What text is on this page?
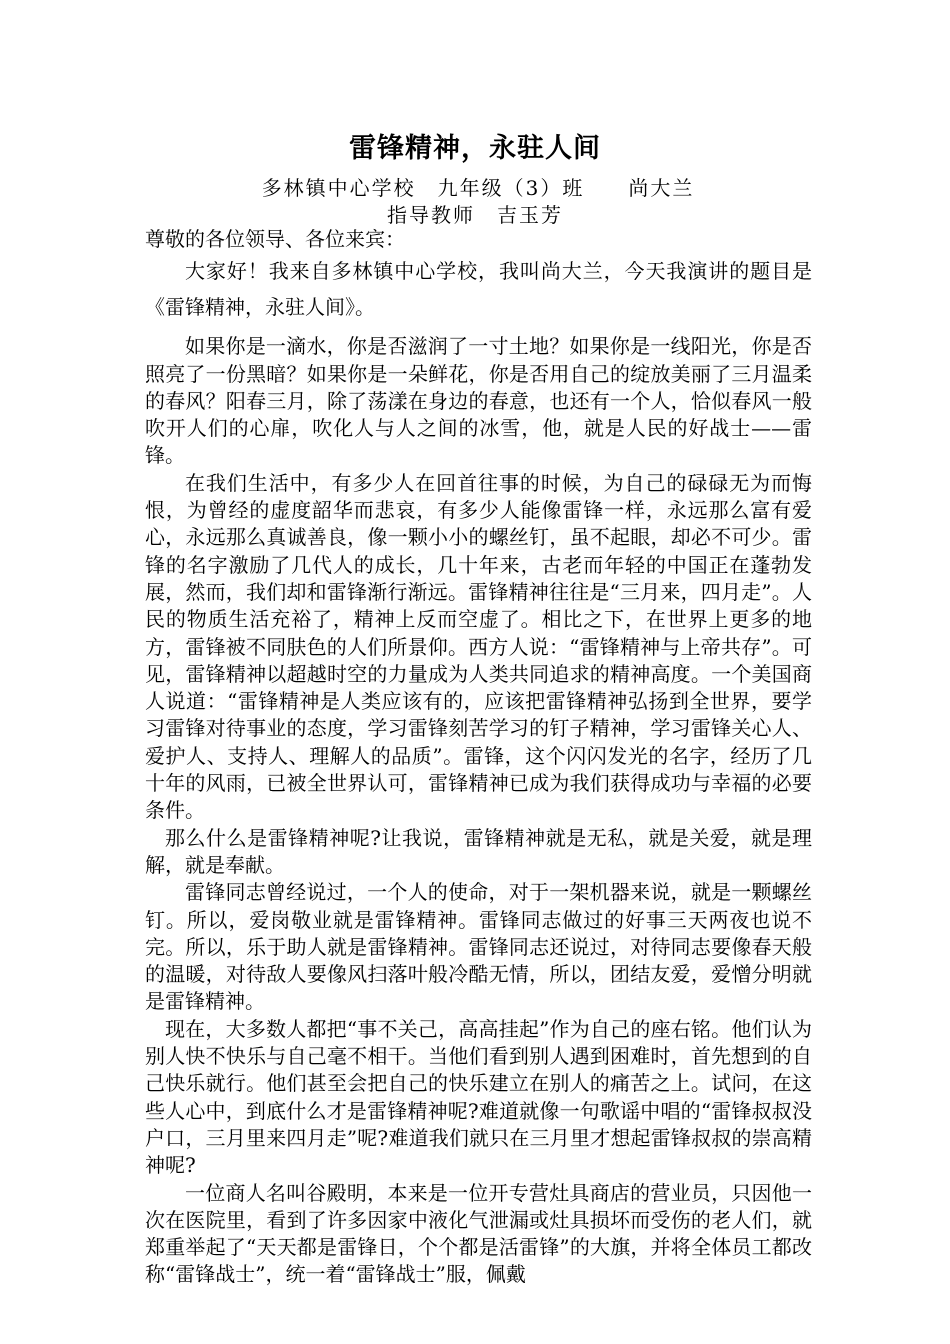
雷锋精神，永驻人间
多林镇中心学校　九年级（3）班　　尚大兰
指导教师　吉玉芳

尊敬的各位领导、各位来宾：

大家好！我来自多林镇中心学校，我叫尚大兰，今天我演讲的题目是《雷锋精神，永驻人间》。

如果你是一滴水，你是否滋润了一寸土地？如果你是一线阳光，你是否照亮了一份黑暗？如果你是一朵鲜花，你是否用自己的绽放美丽了三月温柔的春风？阳春三月，除了荡漾在身边的春意，也还有一个人，恰似春风一般吹开人们的心扉，吹化人与人之间的冰雪，他，就是人民的好战士——雷锋。

在我们生活中，有多少人在回首往事的时候，为自己的碌碌无为而悔恨，为曾经的虚度韶华而悲哀，有多少人能像雷锋一样，永远那么富有爱心，永远那么真诚善良，像一颗小小的螺丝钉，虽不起眼，却必不可少。雷锋的名字激励了几代人的成长，几十年来，古老而年轻的中国正在蓬勃发展，然而，我们却和雷锋渐行渐远。雷锋精神往往是“三月来，四月走”。人民的物质生活充裕了，精神上反而空虚了。相比之下，在世界上更多的地方，雷锋被不同肤色的人们所景仰。西方人说：“雷锋精神与上帝共存”。可见，雷锋精神以超越时空的力量成为人类共同追求的精神高度。一个美国商人说道：“雷锋精神是人类应该有的，应该把雷锋精神弘扬到全世界，要学习雷锋对待事业的态度，学习雷锋刻苦学习的钉子精神，学习雷锋关心人、爱护人、支持人、理解人的品质”。雷锋，这个闪闪发光的名字，经历了几十年的风雨，已被全世界认可，雷锋精神已成为我们获得成功与幸福的必要条件。

那么什么是雷锋精神呢?让我说，雷锋精神就是无私，就是关爱，就是理解，就是奉献。

雷锋同志曾经说过，一个人的使命，对于一架机器来说，就是一颗螺丝钉。所以，爱岗敬业就是雷锋精神。雷锋同志做过的好事三天两夜也说不完。所以，乐于助人就是雷锋精神。雷锋同志还说过，对待同志要像春天般的温暖，对待敌人要像风扫落叶般冷酷无情，所以，团结友爱，爱憎分明就是雷锋精神。

现在，大多数人都把“事不关己，高高挂起”作为自己的座右铭。他们认为别人快不快乐与自己毫不相干。当他们看到别人遇到困难时，首先想到的自己快乐就行。他们甚至会把自己的快乐建立在别人的痛苦之上。试问，在这些人心中，到底什么才是雷锋精神呢?难道就像一句歌谣中唱的“雷锋叔叔没户口，三月里来四月走”呢?难道我们就只在三月里才想起雷锋叔叔的崇高精神呢?

一位商人名叫谷殿明，本来是一位开专营灶具商店的营业员，只因他一次在医院里，看到了许多因家中液化气泄漏或灶具损坏而受伤的老人们，就郑重举起了“天天都是雷锋日，个个都是活雷锋”的大旗，并将全体员工都改称“雷锋战士”，统一着“雷锋战士”服，佩戴
